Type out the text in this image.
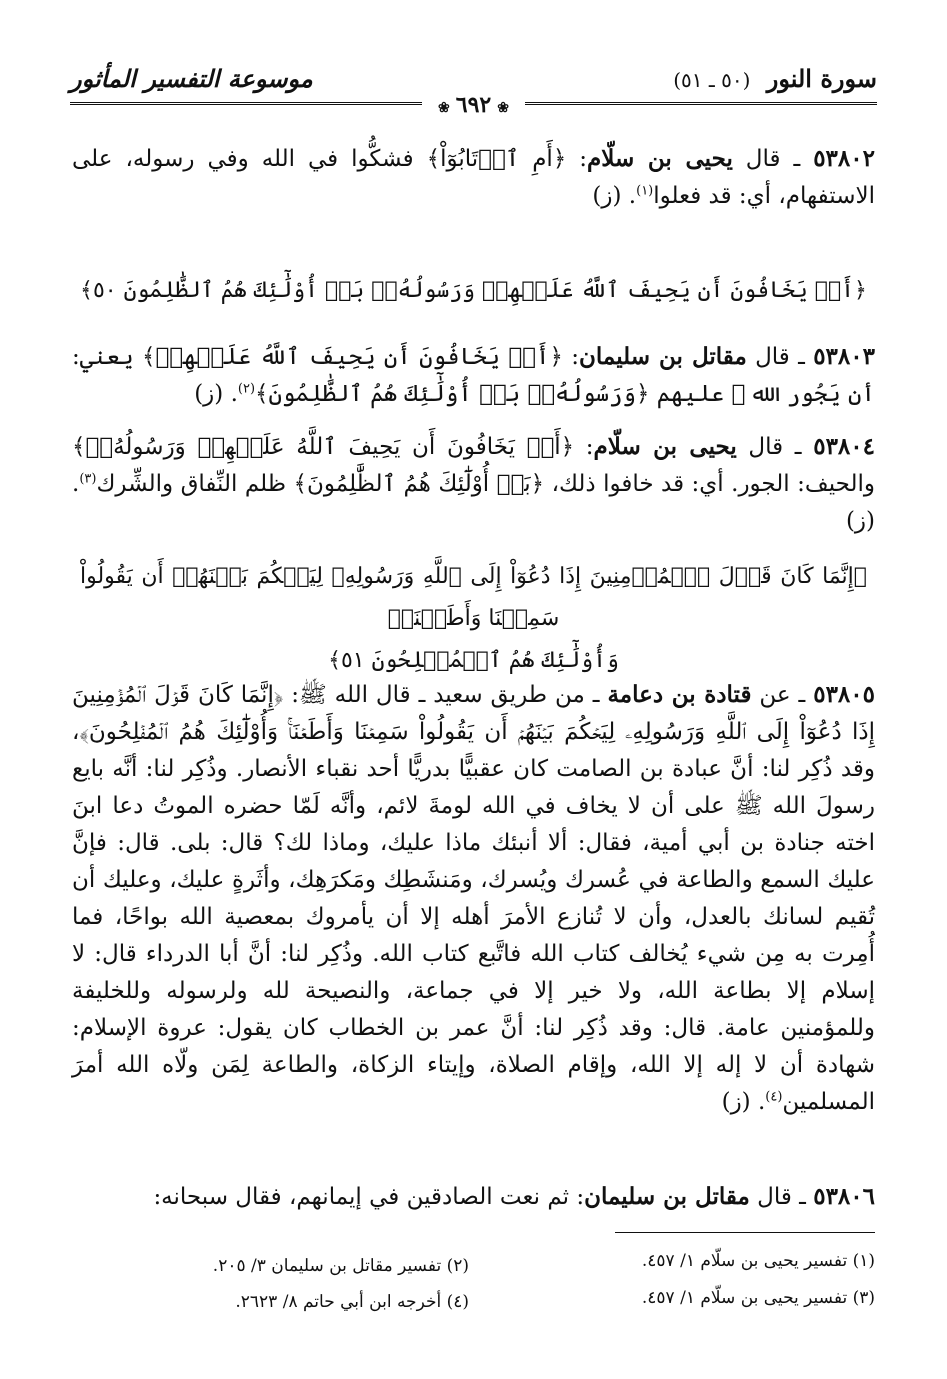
سورة النور (٥٠ ـ ٥١)
موسوعة التفسير المأثور
❀٦٩٢❀
٥٣٨٠٢ ـ قال يحيى بن سلّام: ﴿أَمِ ٱرۡتَابُوٓاْ﴾ فشكُّوا في الله وفي رسوله، على الاستفهام، أي: قد فعلوا$^{(١)}$. (ز)
﴿أَمۡ يَخَافُونَ أَن يَحِيفَ ٱللَّهُ عَلَيۡهِمۡ وَرَسُولُهُۥۚ بَلۡ أُوْلَٰٓئِكَ هُمُ ٱلظَّٰلِمُونَ ٥٠﴾
٥٣٨٠٣ ـ قال مقاتل بن سليمان: ﴿أَمۡ يَخَافُونَ أَن يَحِيفَ ٱللَّهُ عَلَيۡهِمۡ﴾ يعني: أن يَجُور الله ﷺ عليهم ﴿وَرَسُولُهُۥۚ بَلۡ أُوْلَٰٓئِكَ هُمُ ٱلظَّٰلِمُونَ﴾$^{(٢)}$. (ز)
٥٣٨٠٤ ـ قال يحيى بن سلّام: ﴿أَمۡ يَخَافُونَ أَن يَحِيفَ ٱللَّهُ عَلَيۡهِمۡ وَرَسُولُهُۥۚ﴾ والحيف: الجور. أي: قد خافوا ذلك، ﴿بَلۡ أُوْلَٰٓئِكَ هُمُ ٱلظَّٰلِمُونَ﴾ ظلم النِّفاق والشِّرك$^{(٣)}$. (ز)
﴿إِنَّمَا كَانَ قَوۡلَ ٱلۡمُؤۡمِنِينَ إِذَا دُعُوٓاْ إِلَى ٱللَّهِ وَرَسُولِهِۦ لِيَحۡكُمَ بَيۡنَهُمۡ أَن يَقُولُواْ سَمِعۡنَا وَأَطَعۡنَاۚ
وَأُوْلَٰٓئِكَ هُمُ ٱلۡمُفۡلِحُونَ ٥١﴾
٥٣٨٠٥ ـ عن قتادة بن دعامة ـ من طريق سعيد ـ قال الله ﷺ: ﴿إِنَّمَا كَانَ قَوۡلَ ٱلۡمُؤۡمِنِينَ إِذَا دُعُوٓاْ إِلَى ٱللَّهِ وَرَسُولِهِۦ لِيَحۡكُمَ بَيۡنَهُمۡ أَن يَقُولُواْ سَمِعۡنَا وَأَطَعۡنَاۚ وَأُوْلَٰٓئِكَ هُمُ ٱلۡمُفۡلِحُونَ﴾، وقد ذُكِر لنا: أنَّ عبادة بن الصامت كان عقبيًّا بدريًّا أحد نقباء الأنصار. وذُكِر لنا: أنَّه بايع رسولَ الله ﷺ على أن لا يخاف في الله لومةَ لائم، وأنَّه لَمّا حضره الموتُ دعا ابنَ اخته جنادة بن أبي أمية، فقال: ألا أنبئك ماذا عليك، وماذا لك؟ قال: بلى. قال: فإنَّ عليك السمع والطاعة في عُسرك ويُسرك، ومَنشَطِك ومَكرَهِك، وأثَرةٍ عليك، وعليك أن تُقيم لسانك بالعدل، وأن لا تُنازع الأمرَ أهله إلا أن يأمروك بمعصية الله بواحًا، فما أُمِرت به مِن شيء يُخالف كتاب الله فاتَّبع كتاب الله. وذُكِر لنا: أنَّ أبا الدرداء قال: لا إسلام إلا بطاعة الله، ولا خير إلا في جماعة، والنصيحة لله ولرسوله وللخليفة وللمؤمنين عامة. قال: وقد ذُكِر لنا: أنَّ عمر بن الخطاب كان يقول: عروة الإسلام: شهادة أن لا إله إلا الله، وإقام الصلاة، وإيتاء الزكاة، والطاعة لِمَن ولّاه الله أمرَ المسلمين$^{(٤)}$. (ز)
٥٣٨٠٦ ـ قال مقاتل بن سليمان: ثم نعت الصادقين في إيمانهم، فقال سبحانه:
(١) تفسير يحيى بن سلّام ١/ ٤٥٧.
(٢) تفسير مقاتل بن سليمان ٣/ ٢٠٥.
(٣) تفسير يحيى بن سلّام ١/ ٤٥٧.
(٤) أخرجه ابن أبي حاتم ٨/ ٢٦٢٣.
